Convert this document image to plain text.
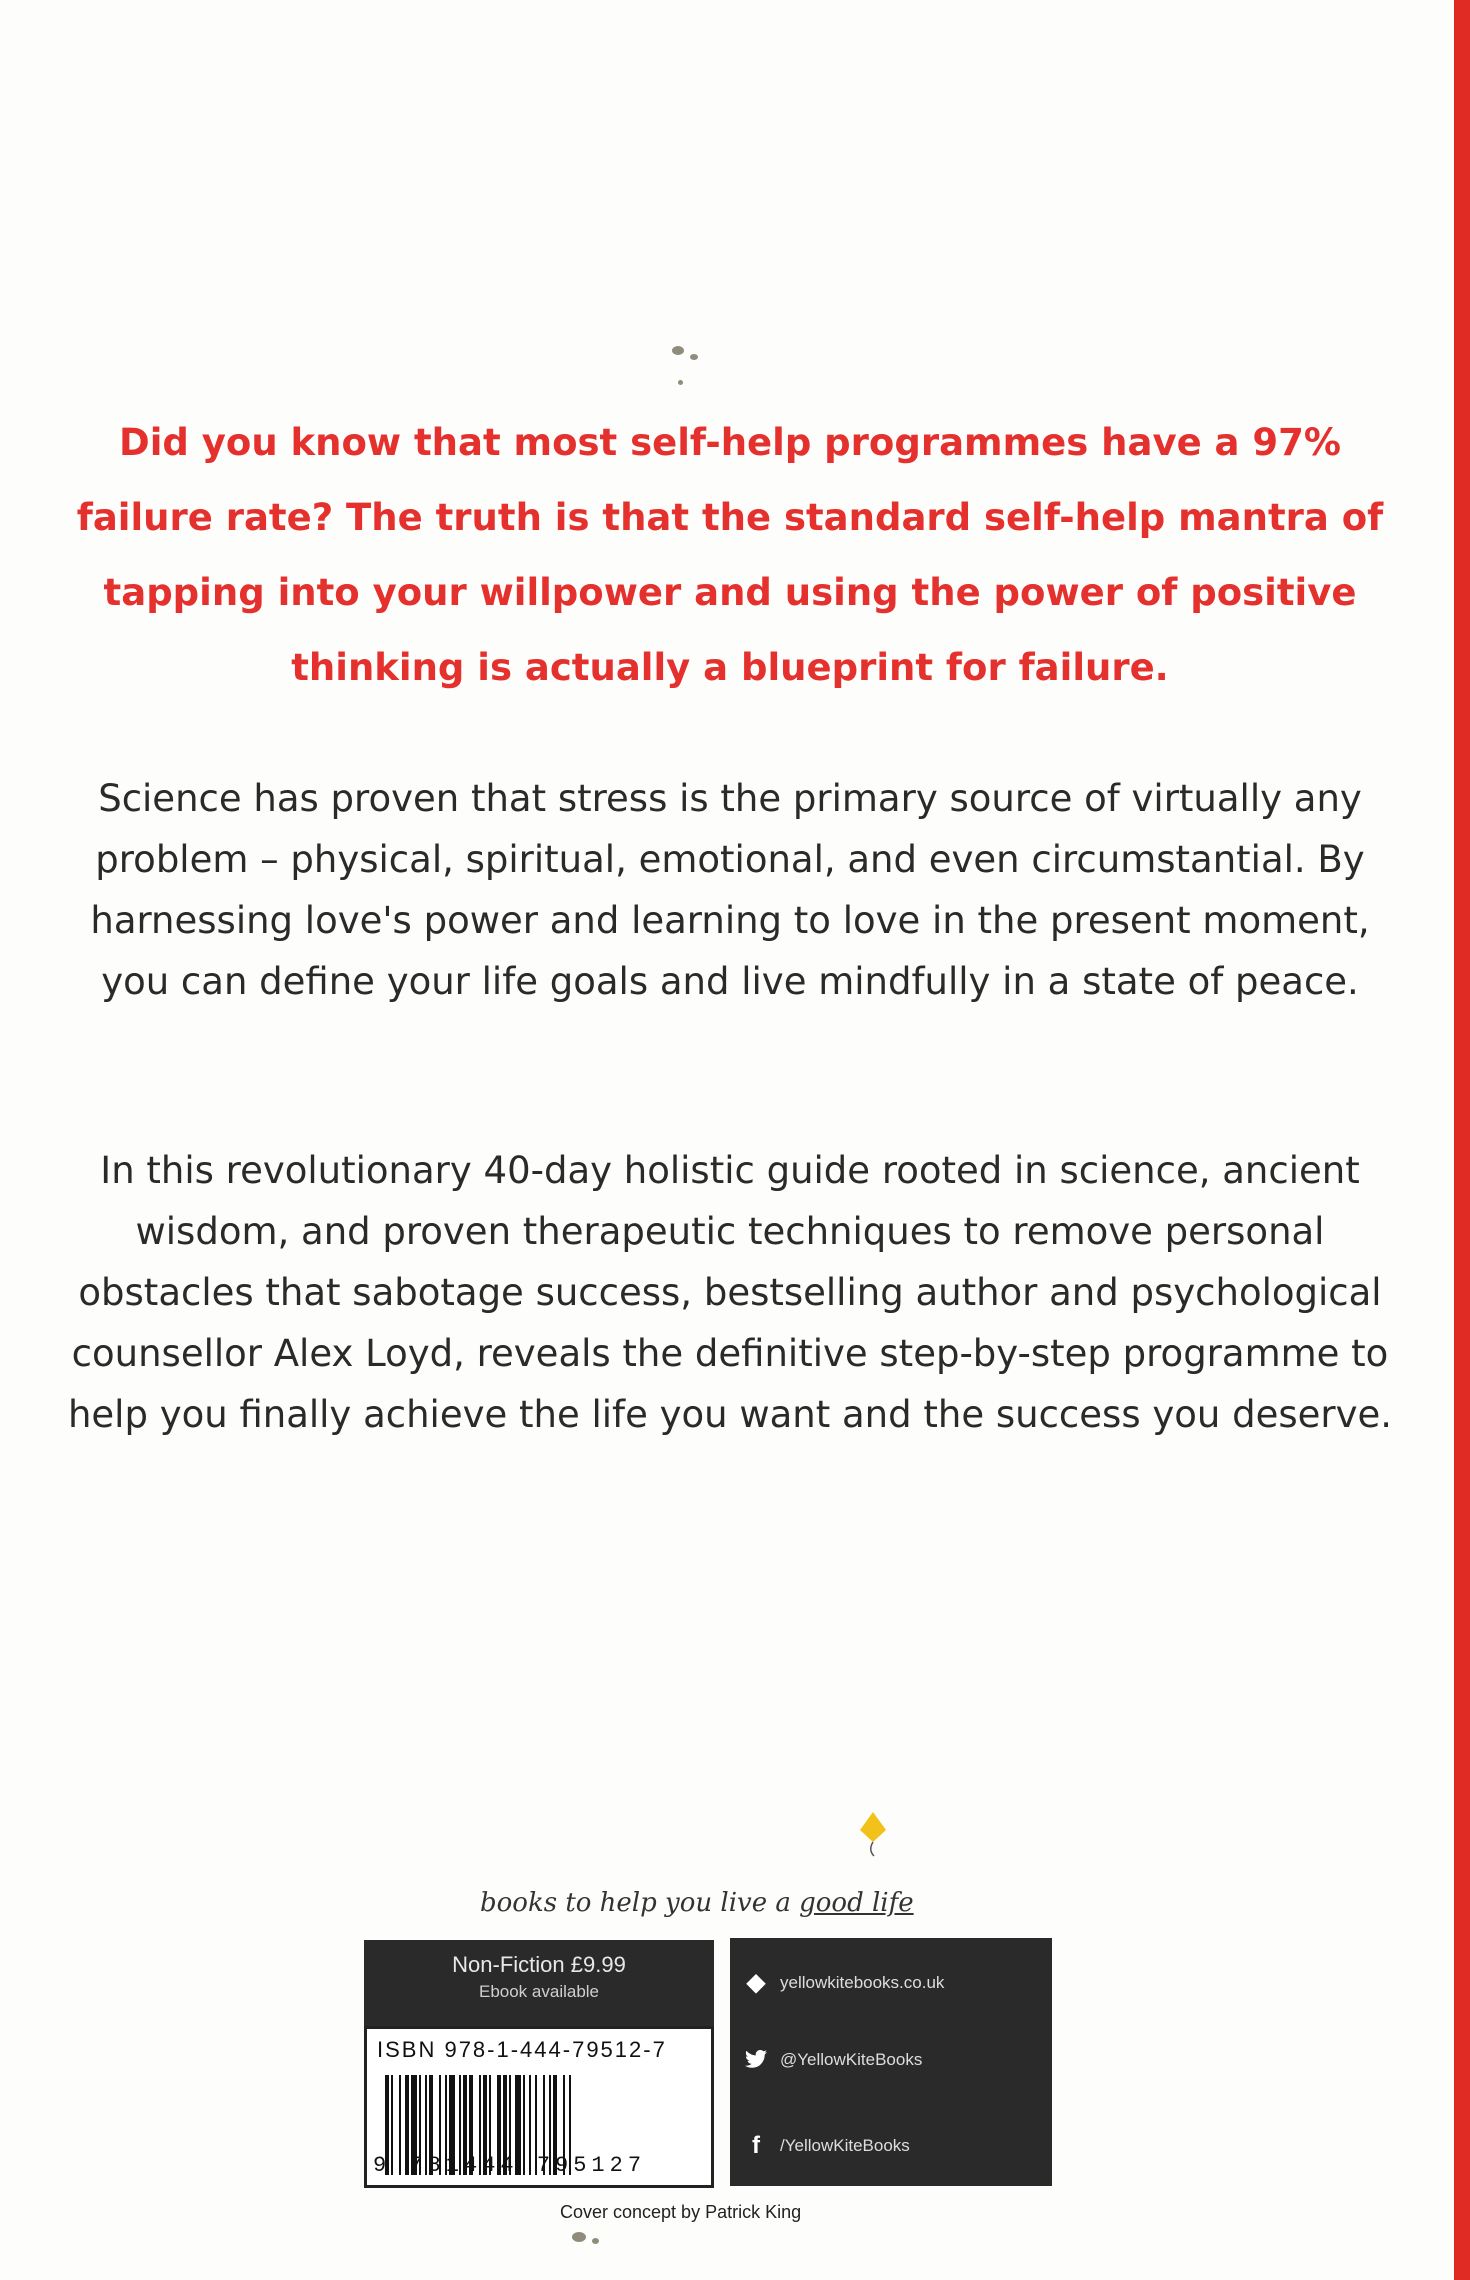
Did you know that most self-help programmes have a 97% failure rate? The truth is that the standard self-help mantra of tapping into your willpower and using the power of positive thinking is actually a blueprint for failure.
Science has proven that stress is the primary source of virtually any problem – physical, spiritual, emotional, and even circumstantial. By harnessing love's power and learning to love in the present moment, you can define your life goals and live mindfully in a state of peace.
In this revolutionary 40-day holistic guide rooted in science, ancient wisdom, and proven therapeutic techniques to remove personal obstacles that sabotage success, bestselling author and psychological counsellor Alex Loyd, reveals the definitive step-by-step programme to help you finally achieve the life you want and the success you deserve.
books to help you live a good life
Non-Fiction £9.99
Ebook available
ISBN 978-1-444-79512-7
9 781444 795127
◆ yellowkitebooks.co.uk
@YellowKiteBooks
f	/YellowKiteBooks
Cover concept by Patrick King
